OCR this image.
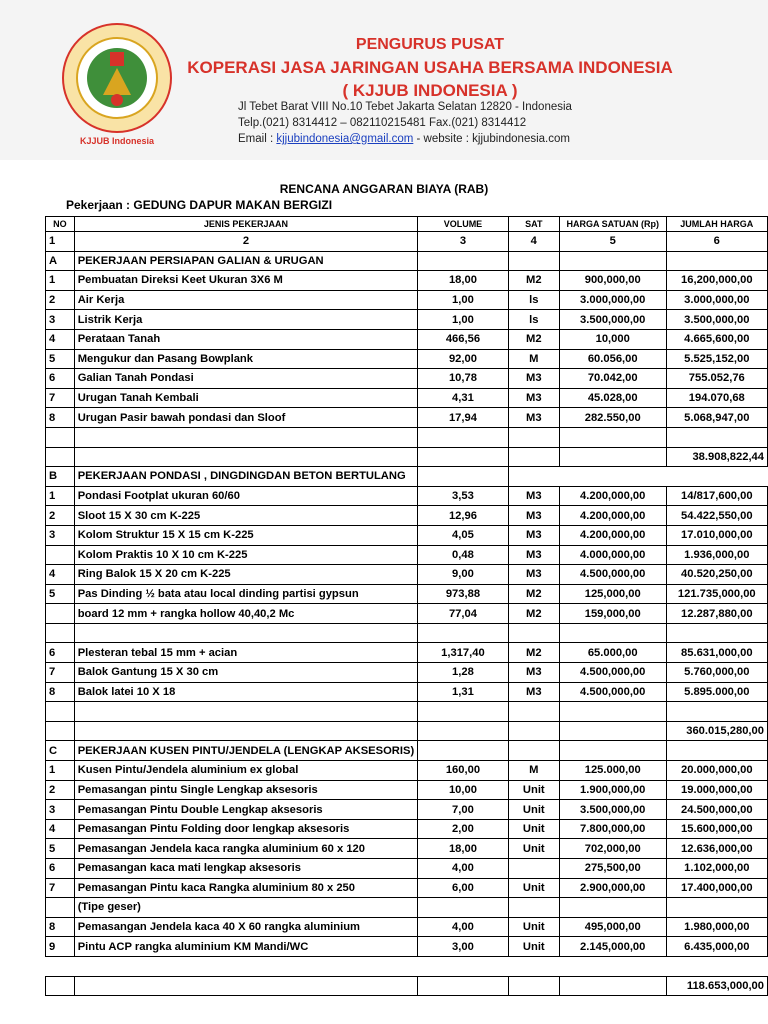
KJJUB Indonesia
PENGURUS PUSAT
KOPERASI JASA JARINGAN USAHA BERSAMA INDONESIA
( KJJUB INDONESIA )
Jl Tebet Barat VIII No.10 Tebet Jakarta Selatan 12820 - Indonesia
Telp.(021) 8314412 – 082110215481 Fax.(021) 8314412
Email : kjjubindonesia@gmail.com - website : kjjubindonesia.com
RENCANA ANGGARAN BIAYA (RAB)
Pekerjaan : GEDUNG DAPUR MAKAN BERGIZI
NO	JENIS PEKERJAAN	VOLUME	SAT	HARGA SATUAN (Rp)	JUMLAH HARGA
1	2	3	4	5	6
A	PEKERJAAN PERSIAPAN GALIAN & URUGAN				
1	Pembuatan Direksi Keet Ukuran 3X6 M	18,00	M2	900,000,00	16,200,000,00
2	Air Kerja	1,00	ls	3.000,000,00	3.000,000,00
3	Listrik Kerja	1,00	ls	3.500,000,00	3.500,000,00
4	Perataan Tanah	466,56	M2	10,000	4.665,600,00
5	Mengukur dan Pasang Bowplank	92,00	M	60.056,00	5.525,152,00
6	Galian Tanah Pondasi	10,78	M3	70.042,00	755.052,76
7	Urugan Tanah Kembali	4,31	M3	45.028,00	194.070,68
8	Urugan Pasir bawah pondasi dan Sloof	17,94	M3	282.550,00	5.068,947,00

					38.908,822,44
B	PEKERJAAN PONDASI , DINGDINGDAN BETON BERTULANG				
1	Pondasi Footplat ukuran 60/60	3,53	M3	4.200,000,00	14/817,600,00
2	Sloot 15 X 30 cm K-225	12,96	M3	4.200,000,00	54.422,550,00
3	Kolom Struktur 15 X 15 cm K-225	4,05	M3	4.200,000,00	17.010,000,00
	Kolom Praktis 10 X 10 cm K-225	0,48	M3	4.000,000,00	1.936,000,00
4	Ring Balok 15 X 20 cm K-225	9,00	M3	4.500,000,00	40.520,250,00
5	Pas Dinding ½ bata atau local dinding partisi gypsun	973,88	M2	125,000,00	121.735,000,00
	board 12 mm + rangka hollow 40,40,2 Mc	77,04	M2	159,000,00	12.287,880,00

6	Plesteran tebal 15 mm + acian	1,317,40	M2	65.000,00	85.631,000,00
7	Balok Gantung 15 X 30 cm	1,28	M3	4.500,000,00	5.760,000,00
8	Balok latei 10 X 18	1,31	M3	4.500,000,00	5.895.000,00

					360.015,280,00
C	PEKERJAAN KUSEN PINTU/JENDELA (LENGKAP AKSESORIS)				
1	Kusen Pintu/Jendela aluminium ex global	160,00	M	125.000,00	20.000,000,00
2	Pemasangan pintu Single Lengkap aksesoris	10,00	Unit	1.900,000,00	19.000,000,00
3	Pemasangan Pintu Double Lengkap aksesoris	7,00	Unit	3.500,000,00	24.500,000,00
4	Pemasangan Pintu Folding door lengkap aksesoris	2,00	Unit	7.800,000,00	15.600,000,00
5	Pemasangan Jendela kaca rangka aluminium 60 x 120	18,00	Unit	702,000,00	12.636,000,00
6	Pemasangan kaca mati lengkap aksesoris	4,00		275,500,00	1.102,000,00
7	Pemasangan Pintu kaca Rangka aluminium 80 x 250	6,00	Unit	2.900,000,00	17.400,000,00
	(Tipe geser)				
8	Pemasangan Jendela kaca 40 X 60 rangka aluminium	4,00	Unit	495,000,00	1.980,000,00
9	Pintu ACP rangka aluminium KM Mandi/WC	3,00	Unit	2.145,000,00	6.435,000,00

					118.653,000,00
